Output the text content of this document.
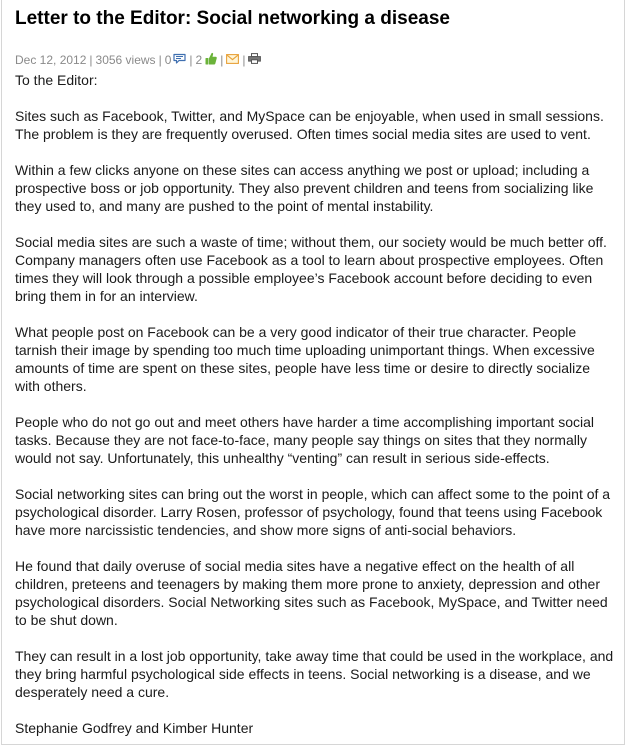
Letter to the Editor: Social networking a disease
Dec 12, 2012 | 3056 views | 0 | 2 | |

To the Editor:

Sites such as Facebook, Twitter, and MySpace can be enjoyable, when used in small sessions. The problem is they are frequently overused. Often times social media sites are used to vent.

Within a few clicks anyone on these sites can access anything we post or upload; including a prospective boss or job opportunity. They also prevent children and teens from socializing like they used to, and many are pushed to the point of mental instability.

Social media sites are such a waste of time; without them, our society would be much better off. Company managers often use Facebook as a tool to learn about prospective employees. Often times they will look through a possible employee’s Facebook account before deciding to even bring them in for an interview.

What people post on Facebook can be a very good indicator of their true character. People tarnish their image by spending too much time uploading unimportant things. When excessive amounts of time are spent on these sites, people have less time or desire to directly socialize with others.

People who do not go out and meet others have harder a time accomplishing important social tasks. Because they are not face-to-face, many people say things on sites that they normally would not say. Unfortunately, this unhealthy “venting” can result in serious side-effects.

Social networking sites can bring out the worst in people, which can affect some to the point of a psychological disorder. Larry Rosen, professor of psychology, found that teens using Facebook have more narcissistic tendencies, and show more signs of anti-social behaviors.

He found that daily overuse of social media sites have a negative effect on the health of all children, preteens and teenagers by making them more prone to anxiety, depression and other psychological disorders. Social Networking sites such as Facebook, MySpace, and Twitter need to be shut down.

They can result in a lost job opportunity, take away time that could be used in the workplace, and they bring harmful psychological side effects in teens. Social networking is a disease, and we desperately need a cure.

Stephanie Godfrey and Kimber Hunter
